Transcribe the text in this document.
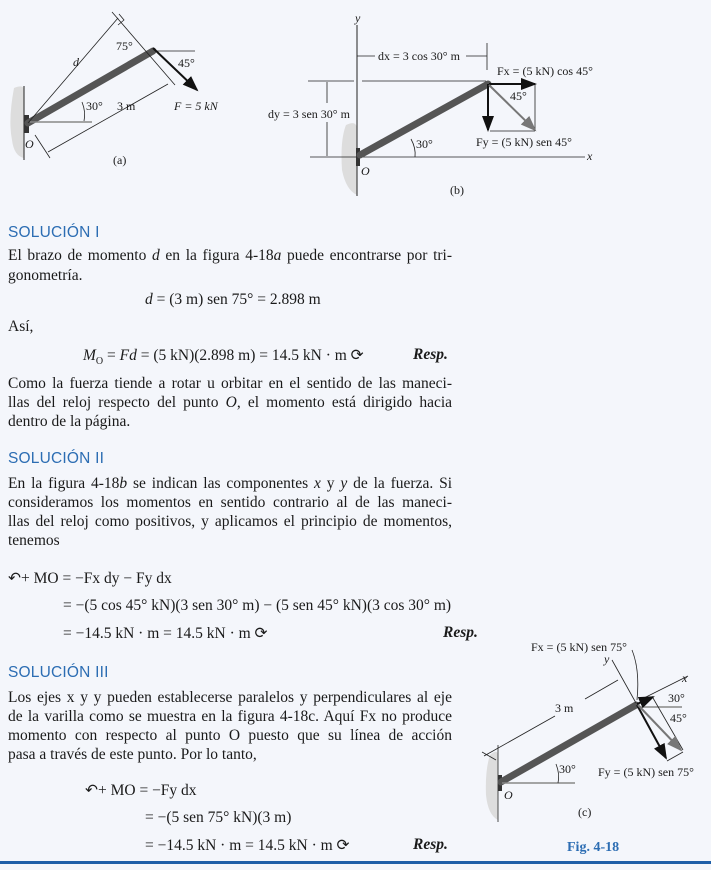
d
75°
45°
30° 3 m	F = 5 kN
O
(a)
y
x
dx = 3 cos 30° m
Fx = (5 kN) cos 45°
45°
dy = 3 sen 30° m
30°	Fy = (5 kN) sen 45°
O
(b)
Fx = (5 kN) sen 75°
y
x
3 m
30°
45°
30° Fy = (5 kN) sen 75°
O
(c)
SOLUCIÓN I
El brazo de momento d en la figura 4-18a puede encontrarse por tri-
gonometría.
d = (3 m) sen 75° = 2.898 m
Así,
$M_O = Fd = (5$ kN)(2.898 m) = 14.5 kN · m ⟳	Resp.
Como la fuerza tiende a rotar u orbitar en el sentido de las maneci-
llas del reloj respecto del punto O, el momento está dirigido hacia
dentro de la página.
SOLUCIÓN II
En la figura 4-18b se indican las componentes x y y de la fuerza. Si
consideramos los momentos en sentido contrario al de las maneci-
llas del reloj como positivos, y aplicamos el principio de momentos,
tenemos
↶+ MO = −Fx dy − Fy dx
= −(5 cos 45° kN)(3 sen 30° m) − (5 sen 45° kN)(3 cos 30° m)
= −14.5 kN · m = 14.5 kN · m ⟳	Resp.
SOLUCIÓN III
Los ejes x y y pueden establecerse paralelos y perpendiculares al eje
de la varilla como se muestra en la figura 4-18c. Aquí Fx no produce
momento con respecto al punto O puesto que su línea de acción
pasa a través de este punto. Por lo tanto,
↶+ MO = −Fy dx
= −(5 sen 75° kN)(3 m)
= −14.5 kN · m = 14.5 kN · m ⟳	Resp.	Fig. 4-18
